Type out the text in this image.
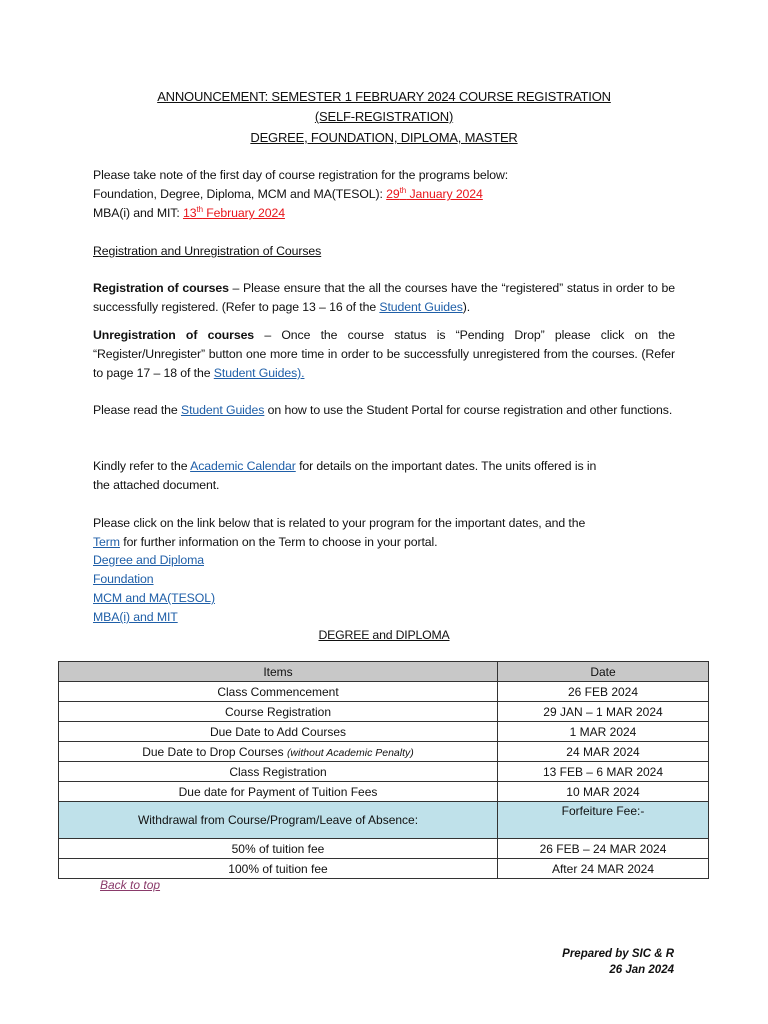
ANNOUNCEMENT: SEMESTER 1 FEBRUARY 2024 COURSE REGISTRATION
(SELF-REGISTRATION)
DEGREE, FOUNDATION, DIPLOMA, MASTER
Please take note of the first day of course registration for the programs below:
Foundation, Degree, Diploma, MCM and MA(TESOL): 29th January 2024
MBA(i) and MIT: 13th February 2024
Registration and Unregistration of Courses
Registration of courses – Please ensure that the all the courses have the “registered” status in order to be successfully registered. (Refer to page 13 – 16 of the Student Guides).
Unregistration of courses – Once the course status is “Pending Drop” please click on the “Register/Unregister” button one more time in order to be successfully unregistered from the courses. (Refer to page 17 – 18 of the Student Guides).
Please read the Student Guides on how to use the Student Portal for course registration and other functions.
Kindly refer to the Academic Calendar for details on the important dates. The units offered is in
the attached document.
Please click on the link below that is related to your program for the important dates, and the
Term for further information on the Term to choose in your portal.
Degree and Diploma
Foundation
MCM and MA(TESOL)
MBA(i) and MIT
DEGREE and DIPLOMA
Items	Date
Class Commencement	26 FEB 2024
Course Registration	29 JAN – 1 MAR 2024
Due Date to Add Courses	1 MAR 2024
Due Date to Drop Courses (without Academic Penalty)	24 MAR 2024
Class Registration	13 FEB – 6 MAR 2024
Due date for Payment of Tuition Fees	10 MAR 2024
Withdrawal from Course/Program/Leave of Absence:	Forfeiture Fee:-
50% of tuition fee	26 FEB – 24 MAR 2024
100% of tuition fee	After 24 MAR 2024
Back to top
Prepared by SIC & R
26 Jan 2024
